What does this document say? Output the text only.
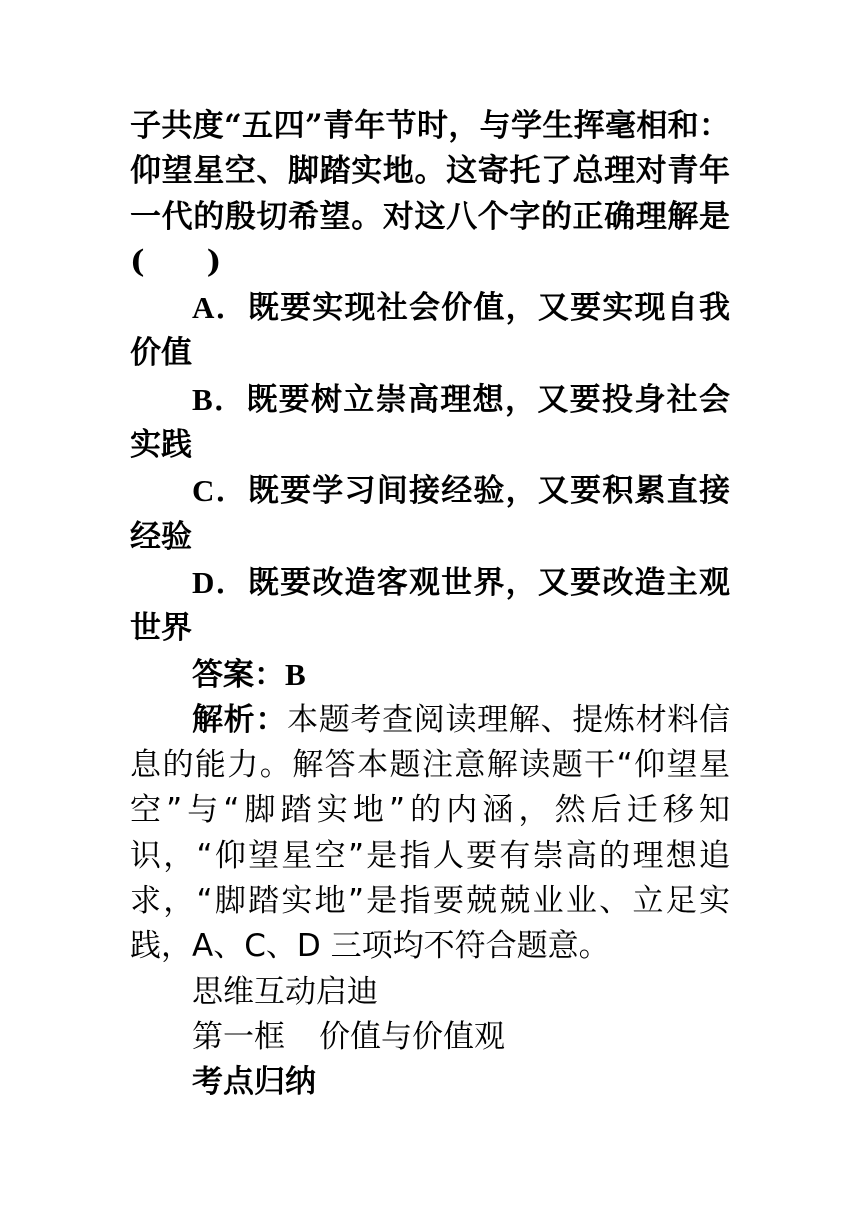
子共度“五四”青年节时，与学生挥毫相和：仰望星空、脚踏实地。这寄托了总理对青年一代的殷切希望。对这八个字的正确理解是(　　)

A．既要实现社会价值，又要实现自我价值

B．既要树立崇高理想，又要投身社会实践

C．既要学习间接经验，又要积累直接经验

D．既要改造客观世界，又要改造主观世界

答案：B

解析：本题考查阅读理解、提炼材料信息的能力。解答本题注意解读题干“仰望星空”与“脚踏实地”的内涵，然后迁移知识，“仰望星空”是指人要有崇高的理想追求，“脚踏实地”是指要兢兢业业、立足实践，A、C、D 三项均不符合题意。

思维互动启迪

第一框 价值与价值观

考点归纳
